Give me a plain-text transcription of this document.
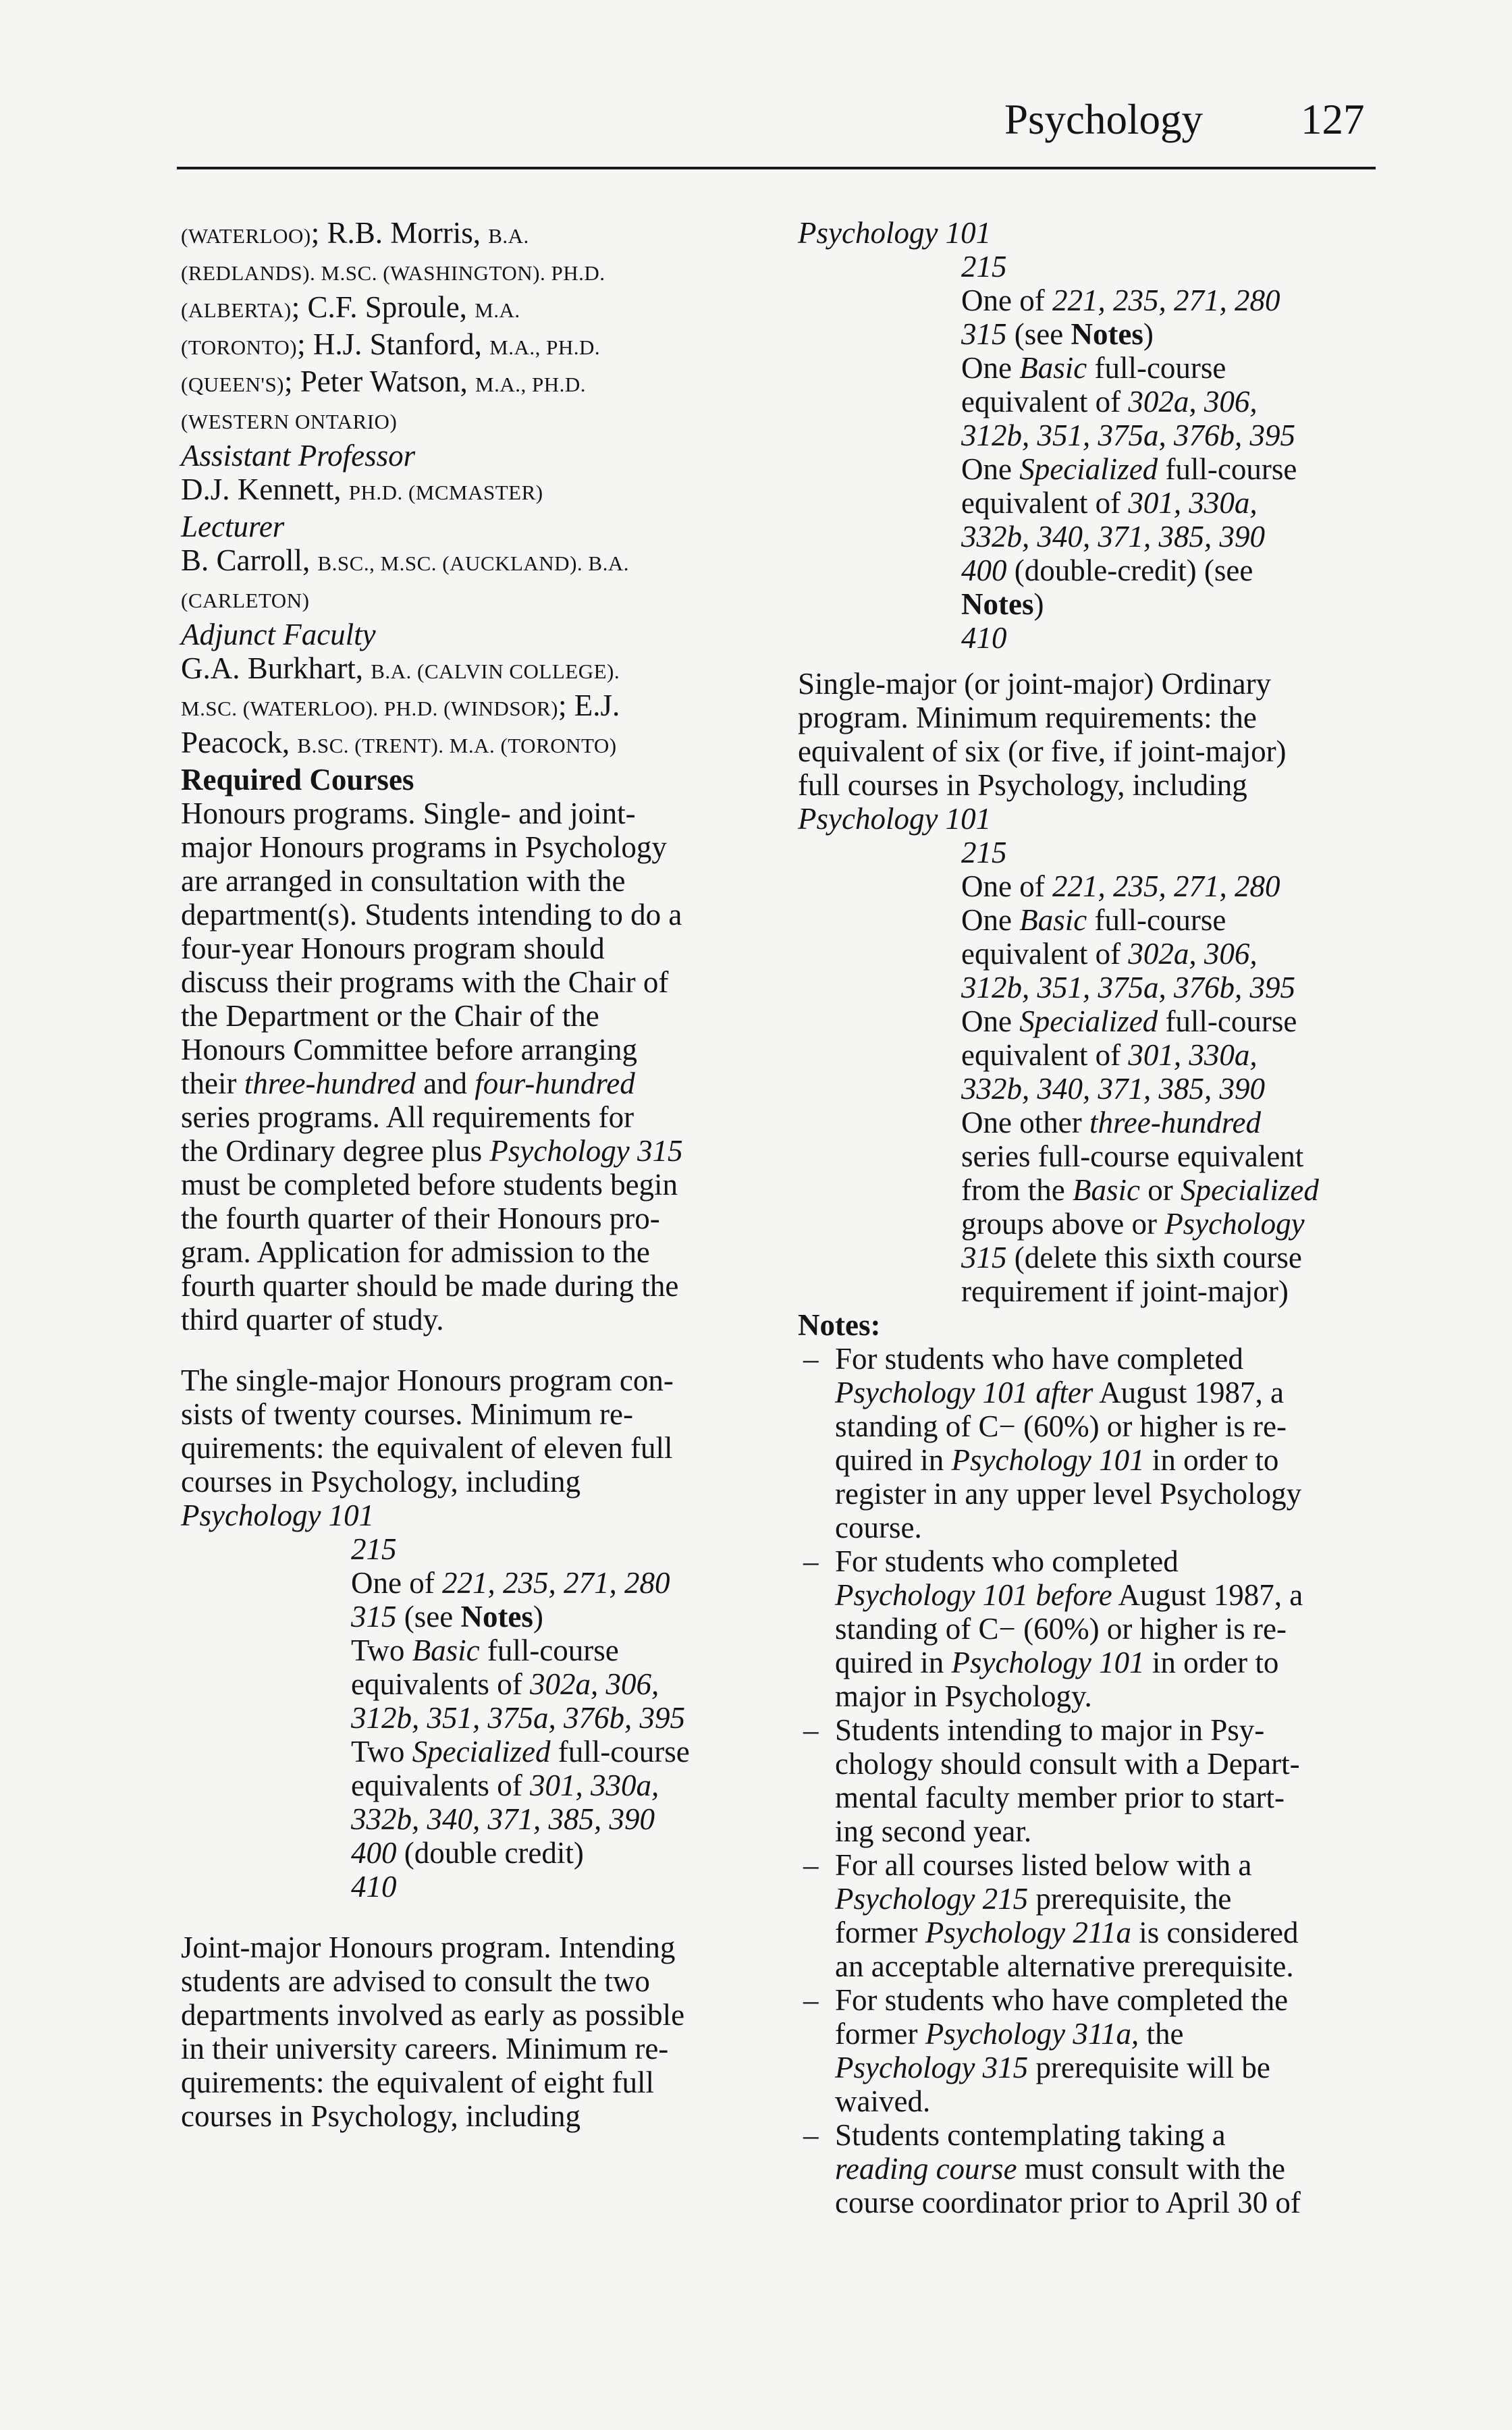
Psychology 127

(WATERLOO); R.B. Morris, B.A.

(REDLANDS). M.SC. (WASHINGTON). PH.D.

(ALBERTA); C.F. Sproule, M.A.

(TORONTO); H.J. Stanford, M.A., PH.D.

(QUEEN'S); Peter Watson, M.A., PH.D.

(WESTERN ONTARIO)

Assistant Professor

D.J. Kennett, PH.D. (MCMASTER)

Lecturer

B. Carroll, B.SC., M.SC. (AUCKLAND). B.A.

(CARLETON)

Adjunct Faculty

G.A. Burkhart, B.A. (CALVIN COLLEGE).

M.SC. (WATERLOO). PH.D. (WINDSOR); E.J.

Peacock, B.SC. (TRENT). M.A. (TORONTO)

Required Courses

Honours programs. Single- and joint-

major Honours programs in Psychology

are arranged in consultation with the

department(s). Students intending to do a

four-year Honours program should

discuss their programs with the Chair of

the Department or the Chair of the

Honours Committee before arranging

their three-hundred and four-hundred

series programs. All requirements for

the Ordinary degree plus Psychology 315

must be completed before students begin

the fourth quarter of their Honours pro-

gram. Application for admission to the

fourth quarter should be made during the

third quarter of study.

The single-major Honours program con-

sists of twenty courses. Minimum re-

quirements: the equivalent of eleven full

courses in Psychology, including

Psychology 101

215

One of 221, 235, 271, 280

315 (see Notes)

Two Basic full-course

equivalents of 302a, 306,

312b, 351, 375a, 376b, 395

Two Specialized full-course

equivalents of 301, 330a,

332b, 340, 371, 385, 390

400 (double credit)

410

Joint-major Honours program. Intending

students are advised to consult the two

departments involved as early as possible

in their university careers. Minimum re-

quirements: the equivalent of eight full

courses in Psychology, including

Psychology 101

215

One of 221, 235, 271, 280

315 (see Notes)

One Basic full-course

equivalent of 302a, 306,

312b, 351, 375a, 376b, 395

One Specialized full-course

equivalent of 301, 330a,

332b, 340, 371, 385, 390

400 (double-credit) (see

Notes)

410

Single-major (or joint-major) Ordinary

program. Minimum requirements: the

equivalent of six (or five, if joint-major)

full courses in Psychology, including

Psychology 101

215

One of 221, 235, 271, 280

One Basic full-course

equivalent of 302a, 306,

312b, 351, 375a, 376b, 395

One Specialized full-course

equivalent of 301, 330a,

332b, 340, 371, 385, 390

One other three-hundred

series full-course equivalent

from the Basic or Specialized

groups above or Psychology

315 (delete this sixth course

requirement if joint-major)

Notes:

– For students who have completed

Psychology 101 after August 1987, a

standing of C− (60%) or higher is re-

quired in Psychology 101 in order to

register in any upper level Psychology

course.

– For students who completed

Psychology 101 before August 1987, a

standing of C− (60%) or higher is re-

quired in Psychology 101 in order to

major in Psychology.

– Students intending to major in Psy-

chology should consult with a Depart-

mental faculty member prior to start-

ing second year.

– For all courses listed below with a

Psychology 215 prerequisite, the

former Psychology 211a is considered

an acceptable alternative prerequisite.

– For students who have completed the

former Psychology 311a, the

Psychology 315 prerequisite will be

waived.

– Students contemplating taking a

reading course must consult with the

course coordinator prior to April 30 of
